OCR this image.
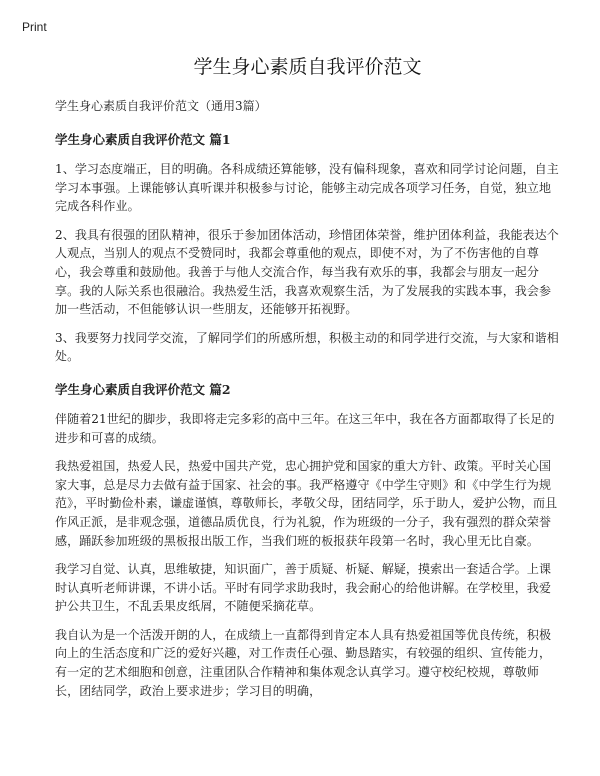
Print
学生身心素质自我评价范文

学生身心素质自我评价范文（通用3篇）

学生身心素质自我评价范文 篇1

1、学习态度端正，目的明确。各科成绩还算能够，没有偏科现象，喜欢和同学讨论问题，自主学习本事强。上课能够认真听课并积极参与讨论，能够主动完成各项学习任务，自觉，独立地完成各科作业。

2、我具有很强的团队精神，很乐于参加团体活动，珍惜团体荣誉，维护团体利益，我能表达个人观点，当别人的观点不受赞同时，我都会尊重他的观点，即使不对，为了不伤害他的自尊心，我会尊重和鼓励他。我善于与他人交流合作，每当我有欢乐的事，我都会与朋友一起分享。我的人际关系也很融洽。我热爱生活，我喜欢观察生活，为了发展我的实践本事，我会参加一些活动，不但能够认识一些朋友，还能够开拓视野。

3、我要努力找同学交流，了解同学们的所感所想，积极主动的和同学进行交流，与大家和谐相处。

学生身心素质自我评价范文 篇2

伴随着21世纪的脚步，我即将走完多彩的高中三年。在这三年中，我在各方面都取得了长足的进步和可喜的成绩。

我热爱祖国，热爱人民，热爱中国共产党，忠心拥护党和国家的重大方针、政策。平时关心国家大事，总是尽力去做有益于国家、社会的事。我严格遵守《中学生守则》和《中学生行为规范》，平时勤俭朴素，谦虚谨慎，尊敬师长，孝敬父母，团结同学，乐于助人，爱护公物，而且作风正派，是非观念强，道德品质优良，行为礼貌，作为班级的一分子，我有强烈的群众荣誉感，踊跃参加班级的黑板报出版工作，当我们班的板报获年段第一名时，我心里无比自豪。

我学习自觉、认真，思维敏捷，知识面广，善于质疑、析疑、解疑，摸索出一套适合学。上课时认真听老师讲课，不讲小话。平时有同学求助我时，我会耐心的给他讲解。在学校里，我爱护公共卫生，不乱丢果皮纸屑，不随便采摘花草。

我自认为是一个活泼开朗的人，在成绩上一直都得到肯定本人具有热爱祖国等优良传统，积极向上的生活态度和广泛的爱好兴趣，对工作责任心强、勤恳踏实，有较强的组织、宣传能力，有一定的艺术细胞和创意，注重团队合作精神和集体观念认真学习。遵守校纪校规，尊敬师长，团结同学，政治上要求进步；学习目的明确，
